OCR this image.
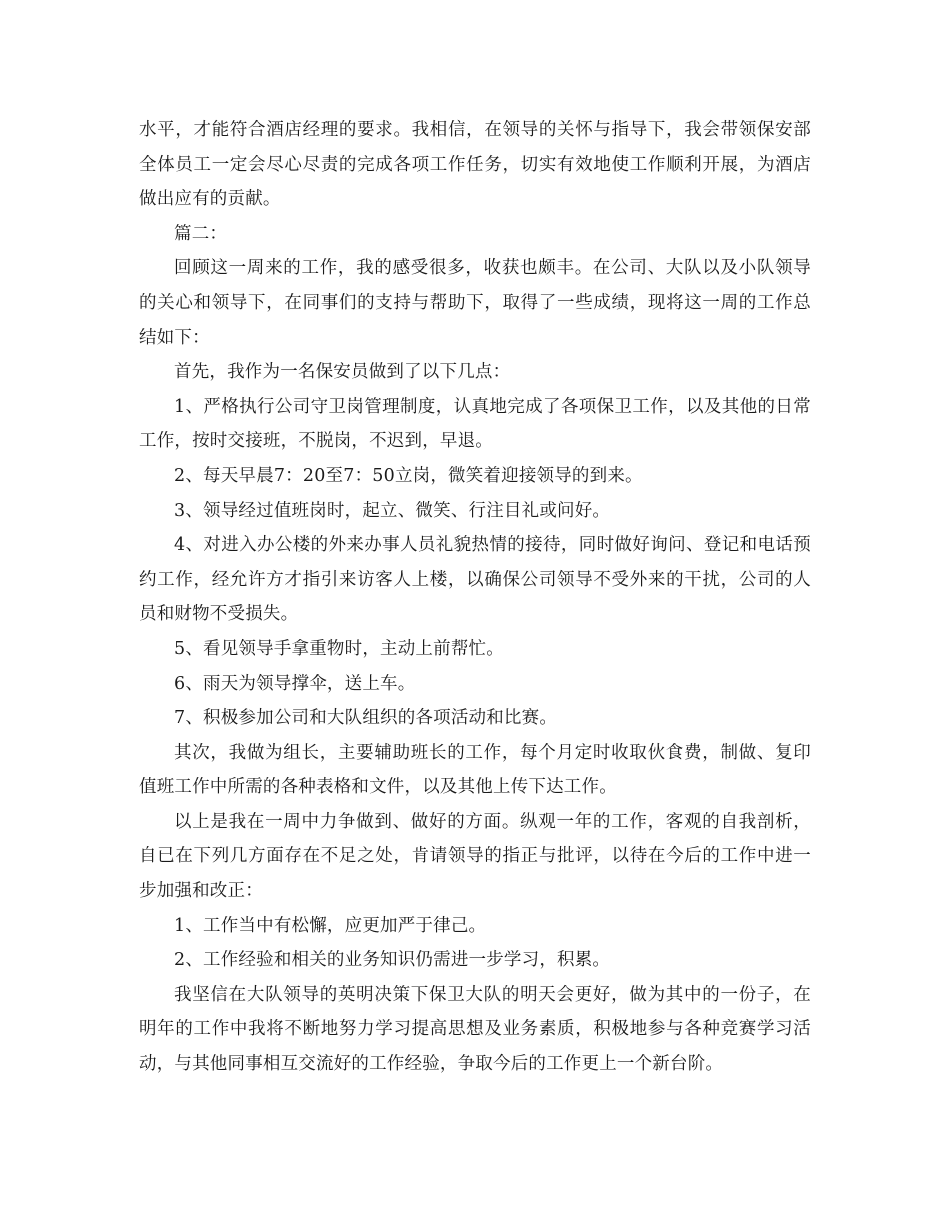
水平，才能符合酒店经理的要求。我相信，在领导的关怀与指导下，我会带领保安部全体员工一定会尽心尽责的完成各项工作任务，切实有效地使工作顺利开展，为酒店做出应有的贡献。

篇二：

回顾这一周来的工作，我的感受很多，收获也颇丰。在公司、大队以及小队领导的关心和领导下，在同事们的支持与帮助下，取得了一些成绩，现将这一周的工作总结如下：

首先，我作为一名保安员做到了以下几点：

1、严格执行公司守卫岗管理制度，认真地完成了各项保卫工作，以及其他的日常工作，按时交接班，不脱岗，不迟到，早退。

2、每天早晨7：20至7：50立岗，微笑着迎接领导的到来。

3、领导经过值班岗时，起立、微笑、行注目礼或问好。

4、对进入办公楼的外来办事人员礼貌热情的接待，同时做好询问、登记和电话预约工作，经允许方才指引来访客人上楼，以确保公司领导不受外来的干扰，公司的人员和财物不受损失。

5、看见领导手拿重物时，主动上前帮忙。

6、雨天为领导撑伞，送上车。

7、积极参加公司和大队组织的各项活动和比赛。

其次，我做为组长，主要辅助班长的工作，每个月定时收取伙食费，制做、复印值班工作中所需的各种表格和文件，以及其他上传下达工作。

以上是我在一周中力争做到、做好的方面。纵观一年的工作，客观的自我剖析，自已在下列几方面存在不足之处，肯请领导的指正与批评，以待在今后的工作中进一步加强和改正：

1、工作当中有松懈，应更加严于律己。

2、工作经验和相关的业务知识仍需进一步学习，积累。

我坚信在大队领导的英明决策下保卫大队的明天会更好，做为其中的一份子，在明年的工作中我将不断地努力学习提高思想及业务素质，积极地参与各种竞赛学习活动，与其他同事相互交流好的工作经验，争取今后的工作更上一个新台阶。
